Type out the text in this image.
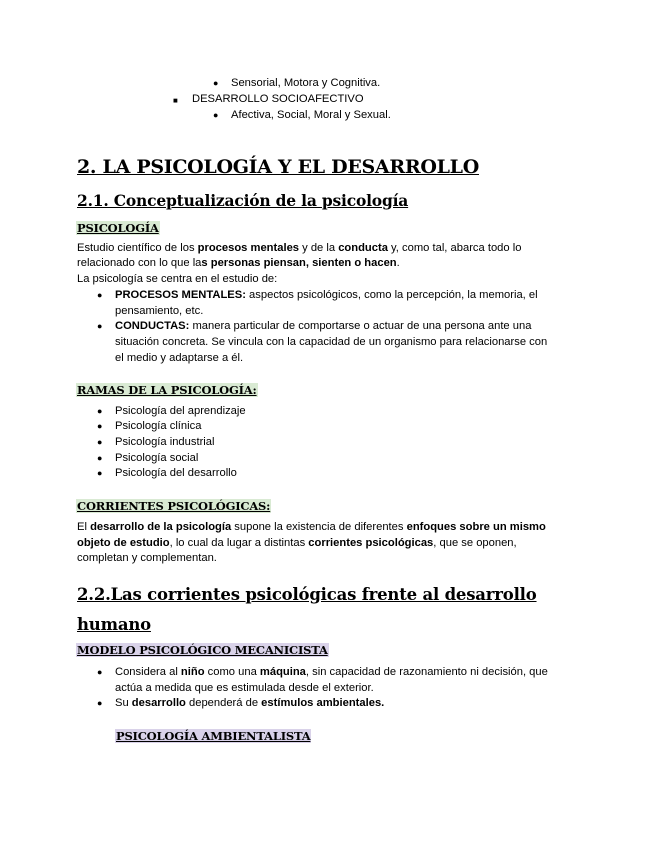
● Sensorial, Motora y Cognitiva.
■ DESARROLLO SOCIOAFECTIVO
● Afectiva, Social, Moral y Sexual.
2. LA PSICOLOGÍA Y EL DESARROLLO
2.1. Conceptualización de la psicología
PSICOLOGÍA
Estudio científico de los procesos mentales y de la conducta y, como tal, abarca todo lo
relacionado con lo que las personas piensan, sienten o hacen.
La psicología se centra en el estudio de:
● PROCESOS MENTALES: aspectos psicológicos, como la percepción, la memoria, el
pensamiento, etc.
● CONDUCTAS: manera particular de comportarse o actuar de una persona ante una
situación concreta. Se vincula con la capacidad de un organismo para relacionarse con
el medio y adaptarse a él.
RAMAS DE LA PSICOLOGÍA:
● Psicología del aprendizaje
● Psicología clínica
● Psicología industrial
● Psicología social
● Psicología del desarrollo
CORRIENTES PSICOLÓGICAS:
El desarrollo de la psicología supone la existencia de diferentes enfoques sobre un mismo
objeto de estudio, lo cual da lugar a distintas corrientes psicológicas, que se oponen,
completan y complementan.
2.2.Las corrientes psicológicas frente al desarrollo
humano
MODELO PSICOLÓGICO MECANICISTA
● Considera al niño como una máquina, sin capacidad de razonamiento ni decisión, que
actúa a medida que es estimulada desde el exterior.
● Su desarrollo dependerá de estímulos ambientales.
PSICOLOGÍA AMBIENTALISTA
